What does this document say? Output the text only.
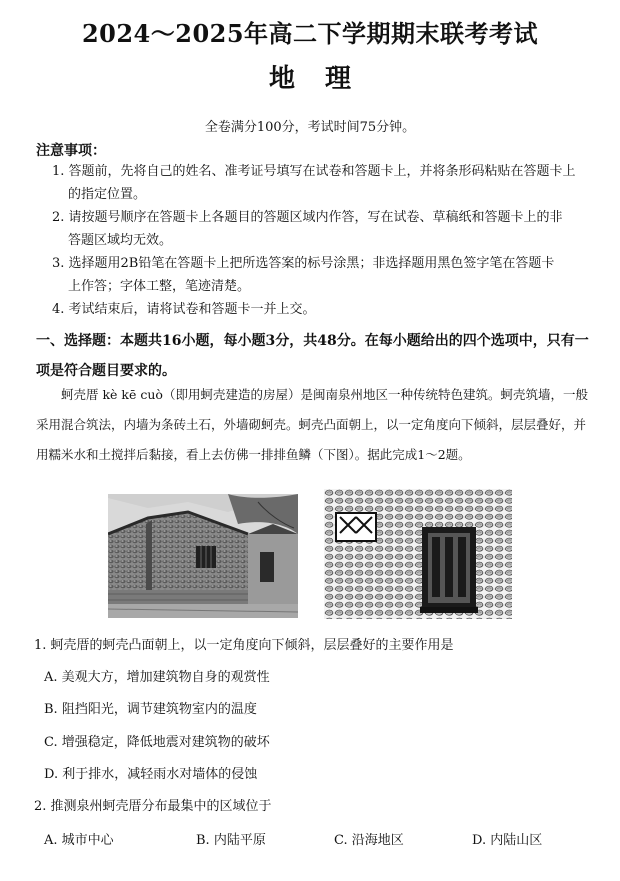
2024～2025年高二下学期期末联考考试
地理
全卷满分100分，考试时间75分钟。
注意事项：
1. 答题前，先将自己的姓名、准考证号填写在试卷和答题卡上，并将条形码粘贴在答题卡上
的指定位置。
2. 请按题号顺序在答题卡上各题目的答题区域内作答，写在试卷、草稿纸和答题卡上的非
答题区域均无效。
3. 选择题用2B铅笔在答题卡上把所选答案的标号涂黑；非选择题用黑色签字笔在答题卡
上作答；字体工整，笔迹清楚。
4. 考试结束后，请将试卷和答题卡一并上交。
一、选择题：本题共16小题，每小题3分，共48分。在每小题给出的四个选项中，只有一项是符合题目要求的。
蚵壳厝 kè kē cuò（即用蚵壳建造的房屋）是闽南泉州地区一种传统特色建筑。蚵壳筑墙，一般采用混合筑法，内墙为条砖土石，外墙砌蚵壳。蚵壳凸面朝上，以一定角度向下倾斜，层层叠好，并用糯米水和土搅拌后黏接，看上去仿佛一排排鱼鳞（下图）。据此完成1～2题。
1. 蚵壳厝的蚵壳凸面朝上，以一定角度向下倾斜，层层叠好的主要作用是
A. 美观大方，增加建筑物自身的观赏性
B. 阻挡阳光，调节建筑物室内的温度
C. 增强稳定，降低地震对建筑物的破坏
D. 利于排水，减轻雨水对墙体的侵蚀
2. 推测泉州蚵壳厝分布最集中的区域位于
A. 城市中心	B. 内陆平原	C. 沿海地区	D. 内陆山区
